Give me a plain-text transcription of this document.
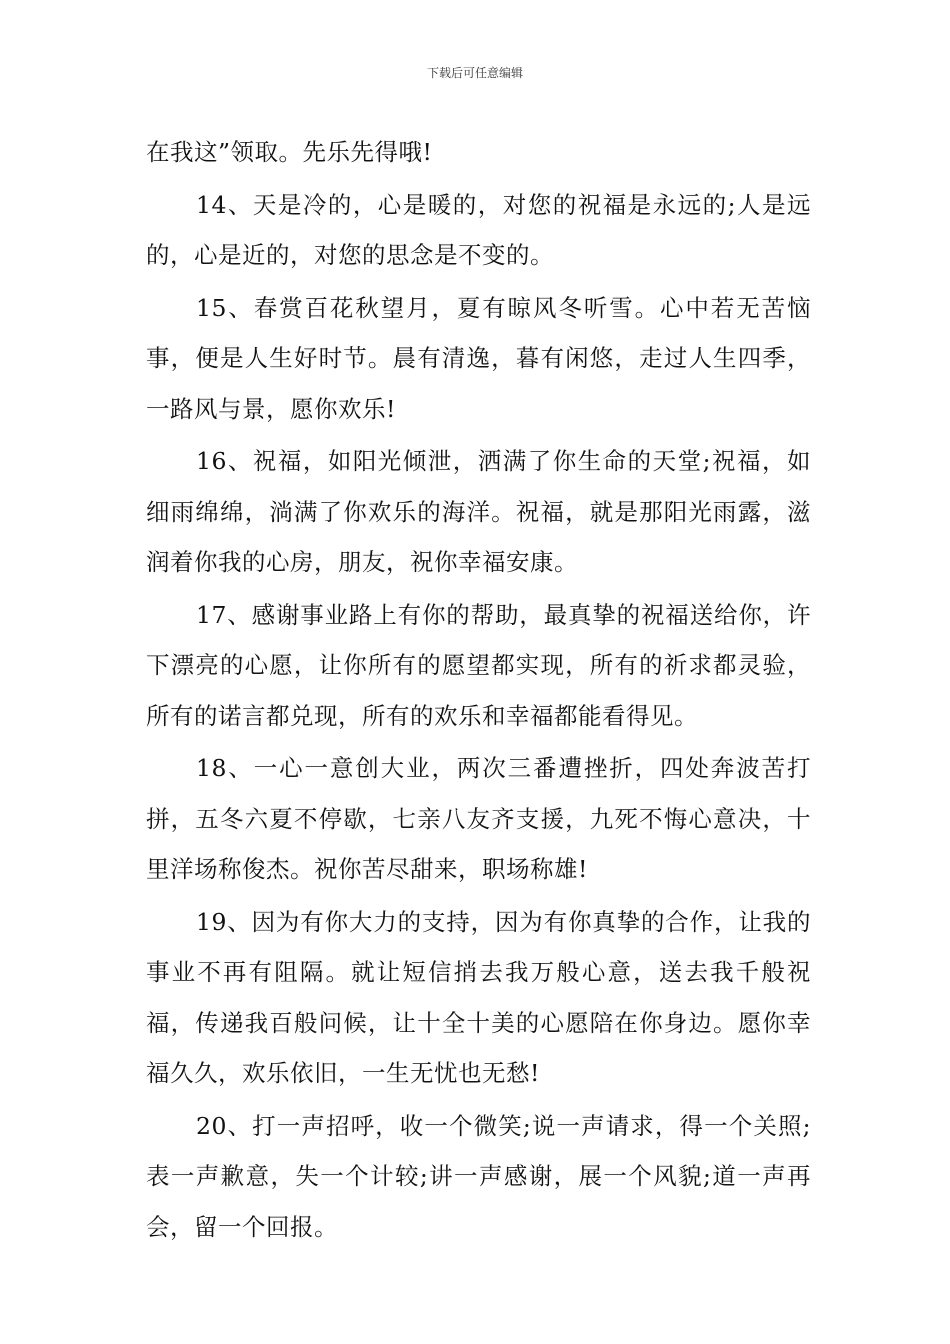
下载后可任意编辑

在我这”领取。先乐先得哦!

14、天是冷的，心是暖的，对您的祝福是永远的;人是远的，心是近的，对您的思念是不变的。

15、春赏百花秋望月，夏有晾风冬听雪。心中若无苦恼事，便是人生好时节。晨有清逸，暮有闲悠，走过人生四季，一路风与景，愿你欢乐!

16、祝福，如阳光倾泄，洒满了你生命的天堂;祝福，如细雨绵绵，淌满了你欢乐的海洋。祝福，就是那阳光雨露，滋润着你我的心房，朋友，祝你幸福安康。

17、感谢事业路上有你的帮助，最真挚的祝福送给你，许下漂亮的心愿，让你所有的愿望都实现，所有的祈求都灵验，所有的诺言都兑现，所有的欢乐和幸福都能看得见。

18、一心一意创大业，两次三番遭挫折，四处奔波苦打拼，五冬六夏不停歇，七亲八友齐支援，九死不悔心意决，十里洋场称俊杰。祝你苦尽甜来，职场称雄!

19、因为有你大力的支持，因为有你真挚的合作，让我的事业不再有阻隔。就让短信捎去我万般心意，送去我千般祝福，传递我百般问候，让十全十美的心愿陪在你身边。愿你幸福久久，欢乐依旧，一生无忧也无愁!

20、打一声招呼，收一个微笑;说一声请求，得一个关照;表一声歉意，失一个计较;讲一声感谢，展一个风貌;道一声再会，留一个回报。
